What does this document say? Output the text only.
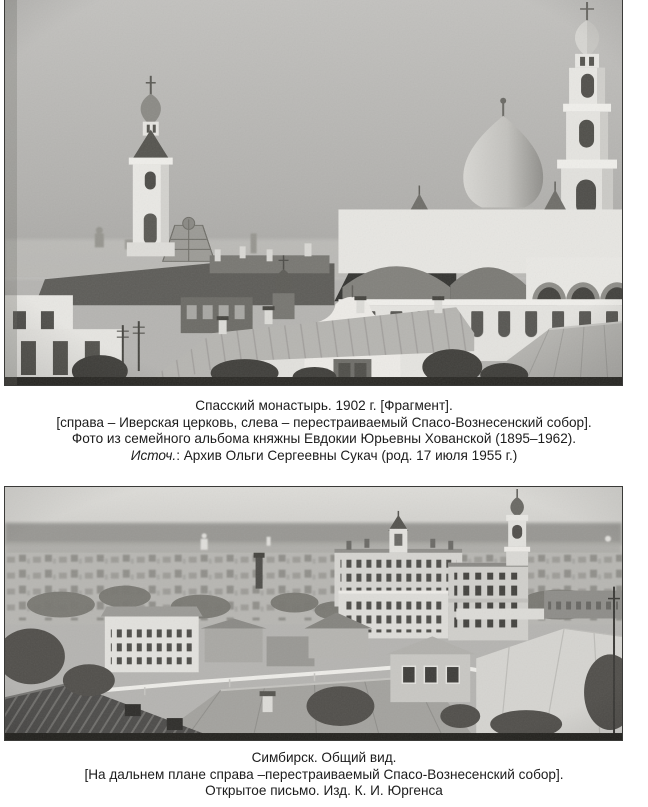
Спасский монастырь. 1902 г. [Фрагмент].
[справа – Иверская церковь, слева – перестраиваемый Спасо-Вознесенский собор].
Фото из семейного альбома княжны Евдокии Юрьевны Хованской (1895–1962).
Источ.: Архив Ольги Сергеевны Сукач (род. 17 июля 1955 г.)
Симбирск. Общий вид.
[На дальнем плане справа –перестраиваемый Спасо-Вознесенский собор].
Открытое письмо. Изд. К. И. Юргенса
